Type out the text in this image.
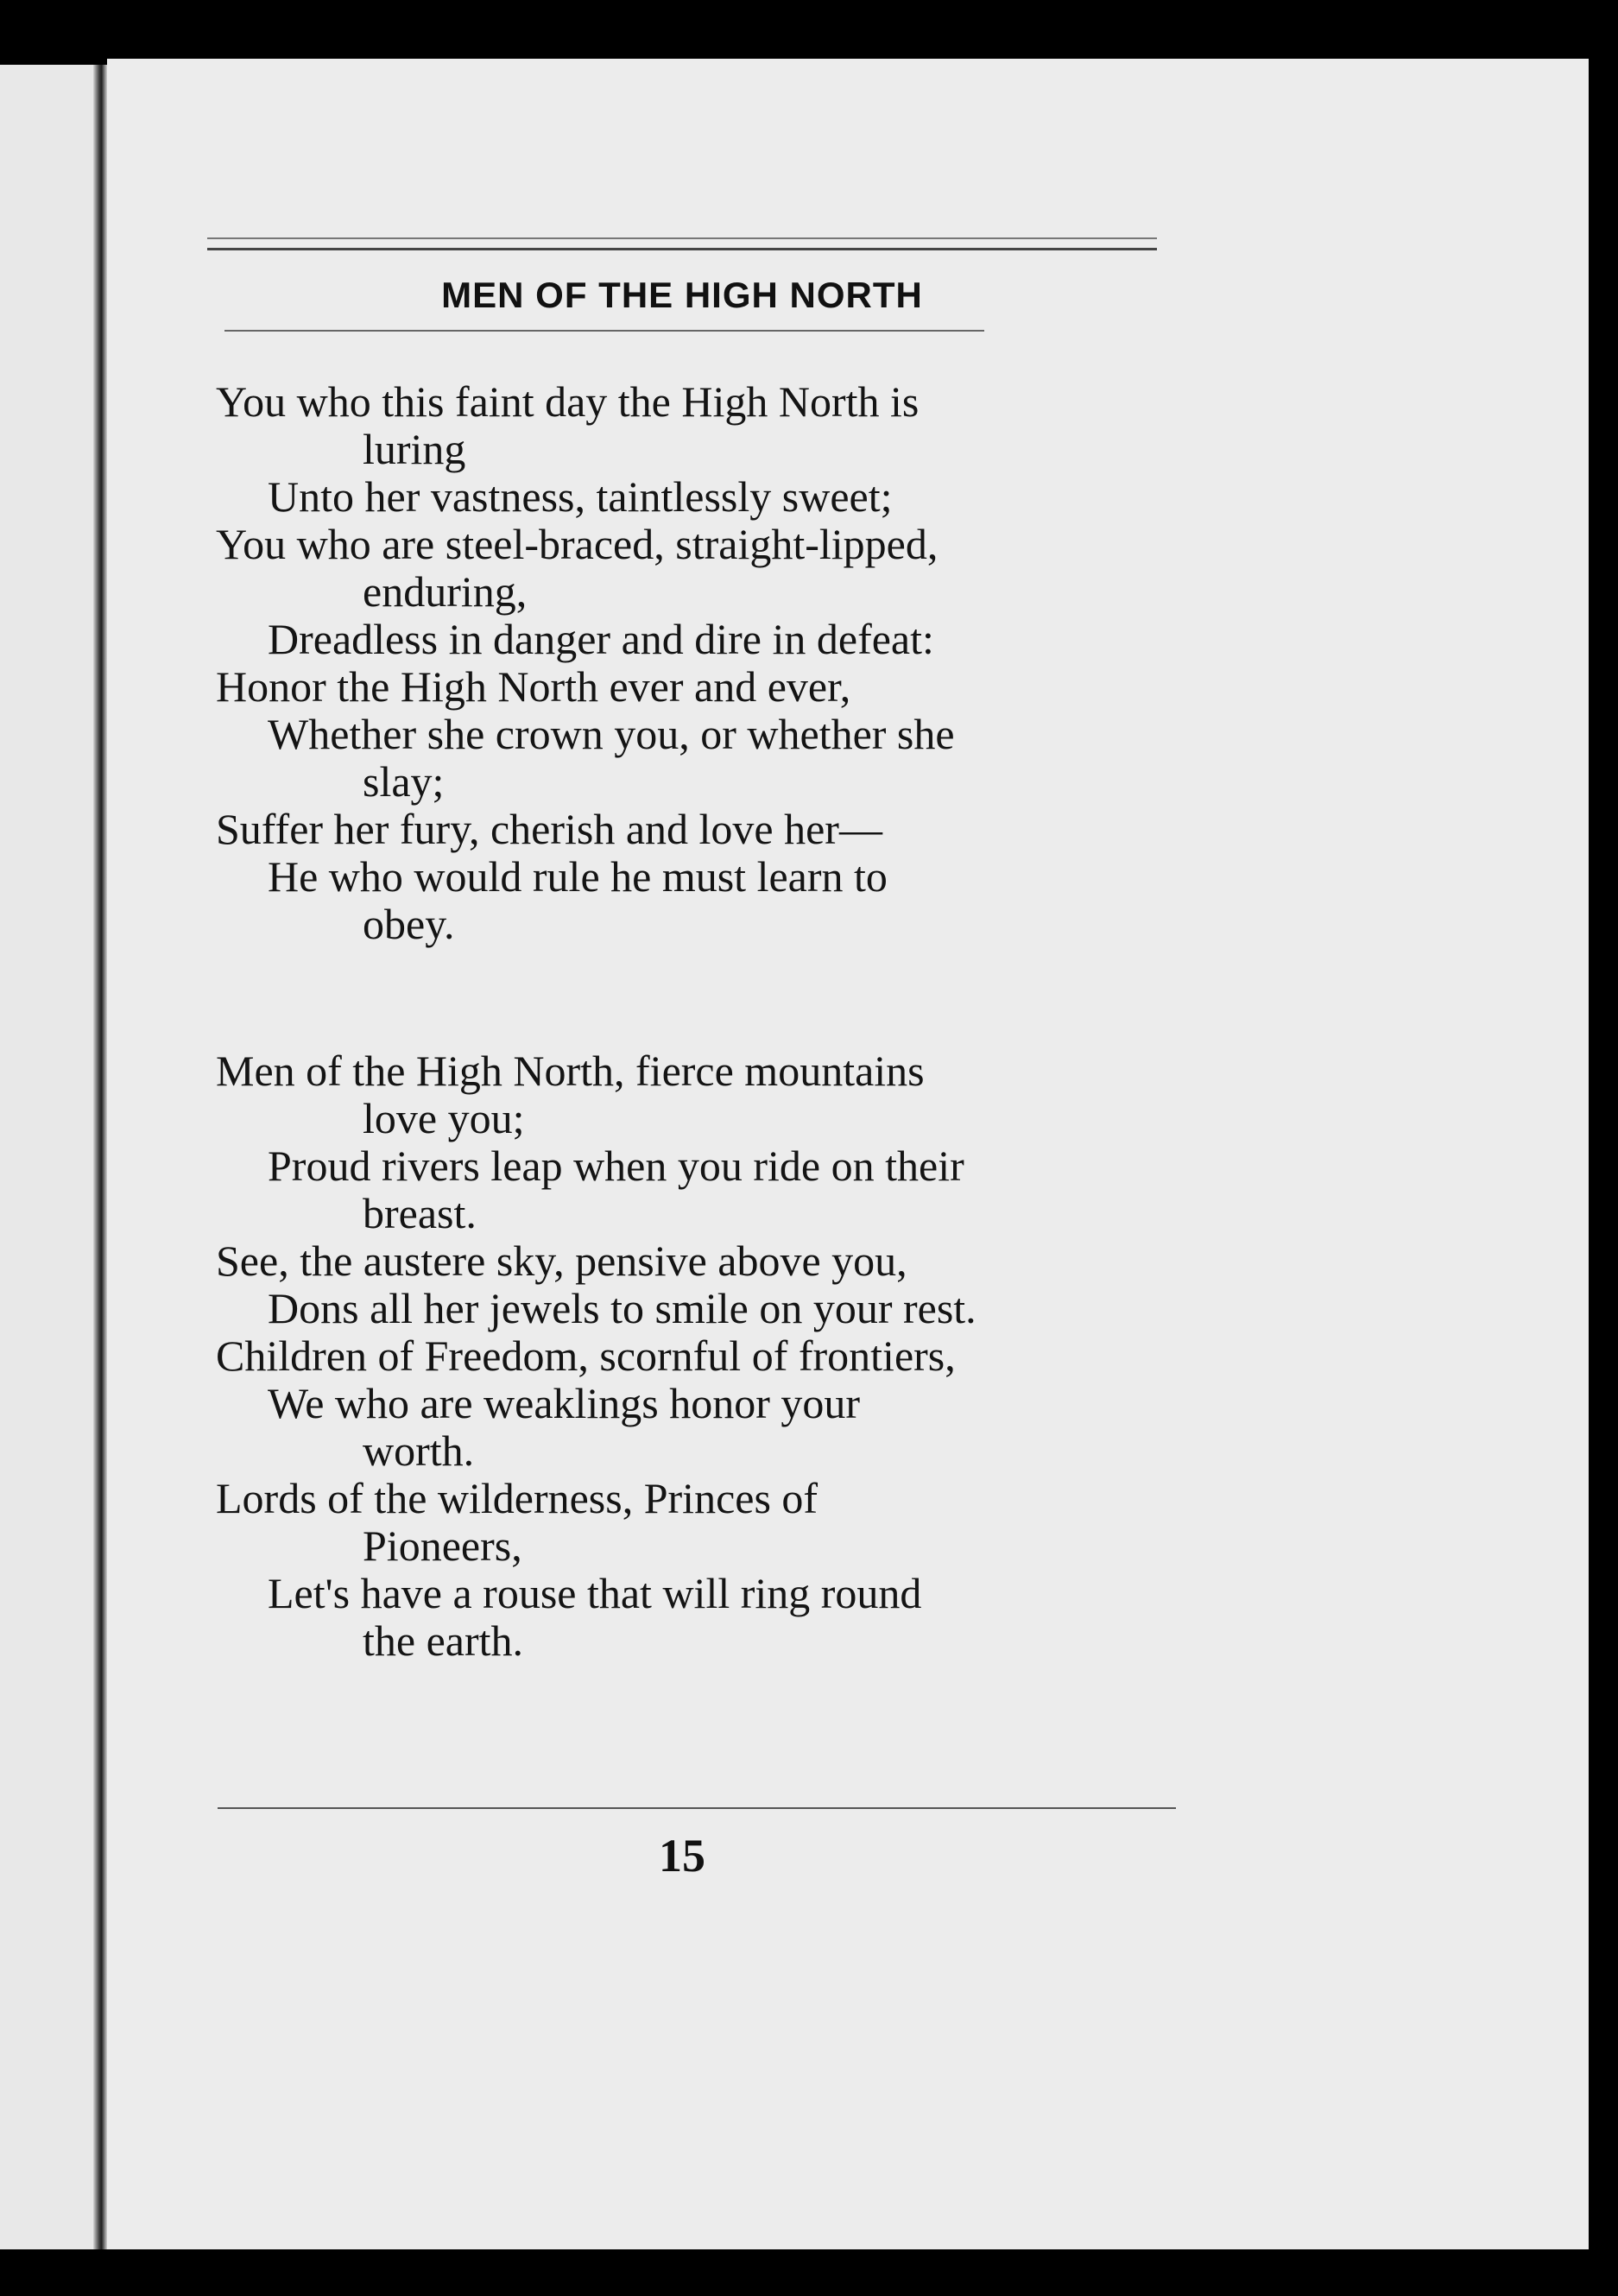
MEN OF THE HIGH NORTH
You who this faint day the High North is
luring
Unto her vastness, taintlessly sweet;
You who are steel-braced, straight-lipped,
enduring,
Dreadless in danger and dire in defeat:
Honor the High North ever and ever,
Whether she crown you, or whether she
slay;
Suffer her fury, cherish and love her—
He who would rule he must learn to
obey.
Men of the High North, fierce mountains
love you;
Proud rivers leap when you ride on their
breast.
See, the austere sky, pensive above you,
Dons all her jewels to smile on your rest.
Children of Freedom, scornful of frontiers,
We who are weaklings honor your
worth.
Lords of the wilderness, Princes of
Pioneers,
Let's have a rouse that will ring round
the earth.
15
